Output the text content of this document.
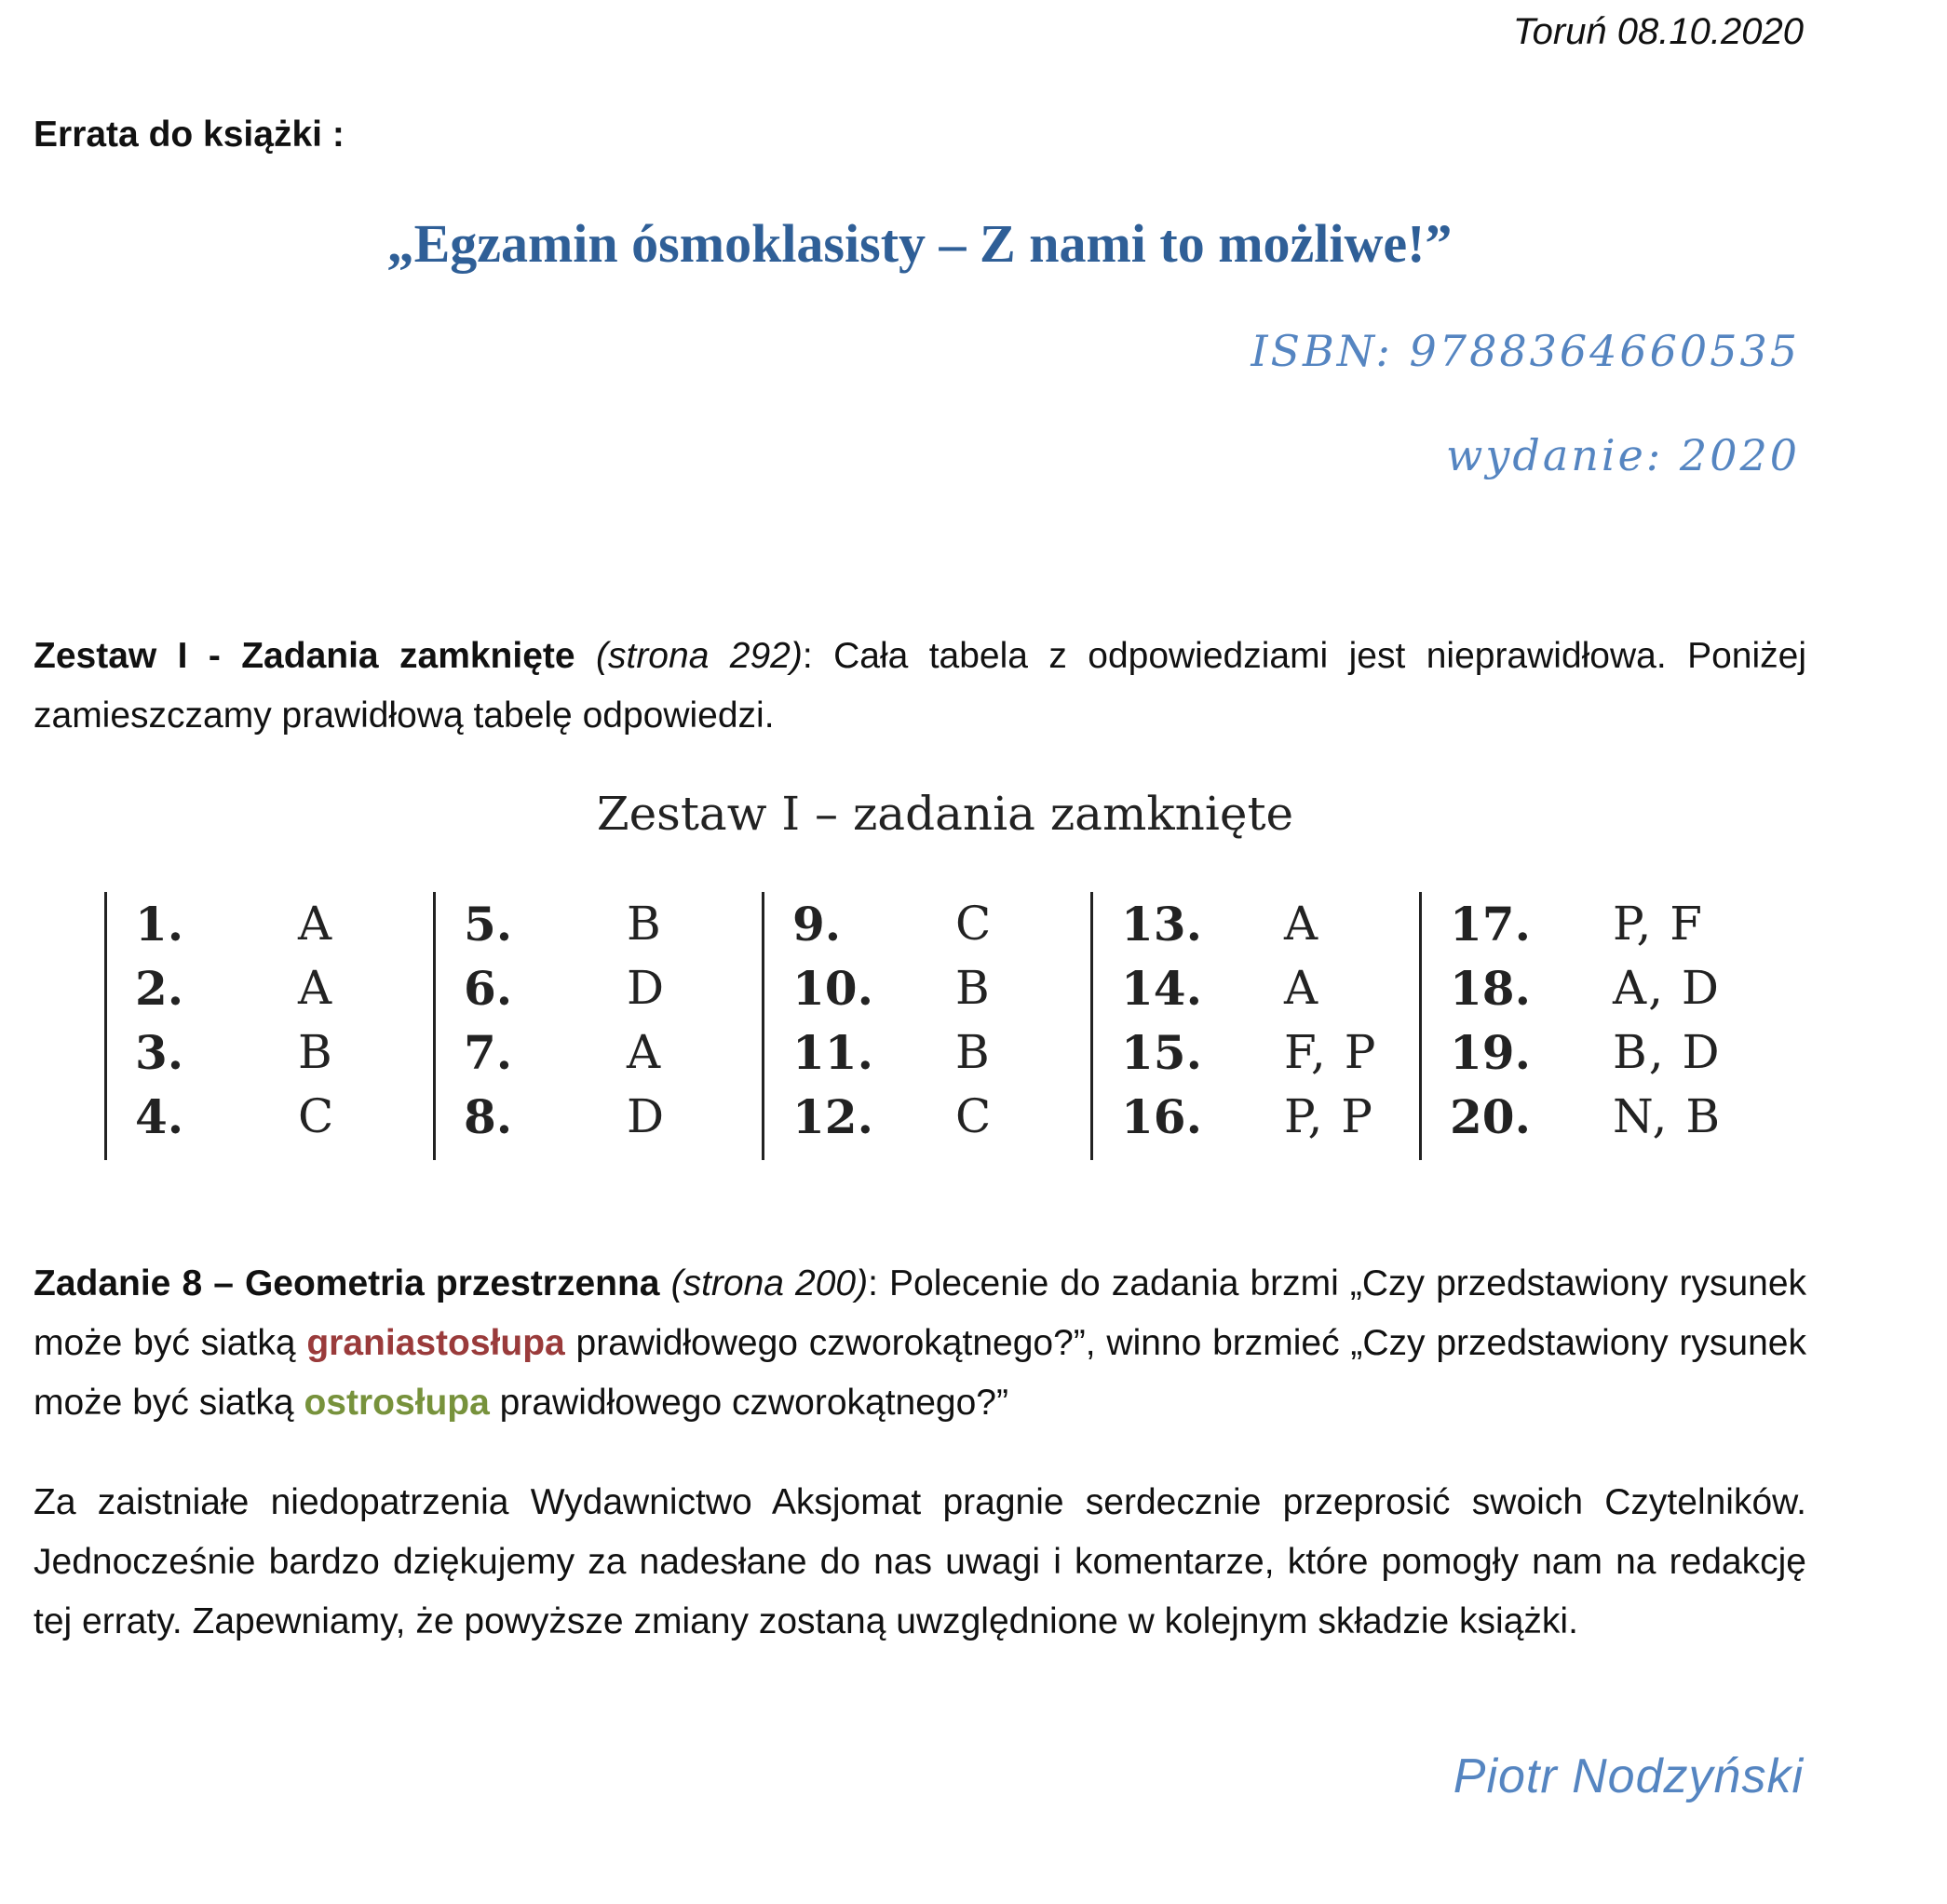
Toruń 08.10.2020
Errata do książki :
„Egzamin ósmoklasisty – Z nami to możliwe!”
ISBN: 9788364660535
wydanie: 2020
Zestaw I - Zadania zamknięte (strona 292): Cała tabela z odpowiedziami jest nieprawidłowa. Poniżej zamieszczamy prawidłową tabelę odpowiedzi.
Zestaw I – zadania zamknięte
1.	A
2.	A
3.	B
4.	C
5.	B
6.	D
7.	A
8.	D
9.	C
10.	B
11.	B
12.	C
13.	A
14.	A
15.	F, P
16.	P, P
17.	P, F
18.	A, D
19.	B, D
20.	N, B
Zadanie 8 – Geometria przestrzenna (strona 200): Polecenie do zadania brzmi „Czy przedstawiony rysunek może być siatką graniastosłupa prawidłowego czworokątnego?”, winno brzmieć „Czy przedstawiony rysunek może być siatką ostrosłupa prawidłowego czworokątnego?”
Za zaistniałe niedopatrzenia Wydawnictwo Aksjomat pragnie serdecznie przeprosić swoich Czytelników. Jednocześnie bardzo dziękujemy za nadesłane do nas uwagi i komentarze, które pomogły nam na redakcję tej erraty. Zapewniamy, że powyższe zmiany zostaną uwzględnione w kolejnym składzie książki.
Piotr Nodzyński
